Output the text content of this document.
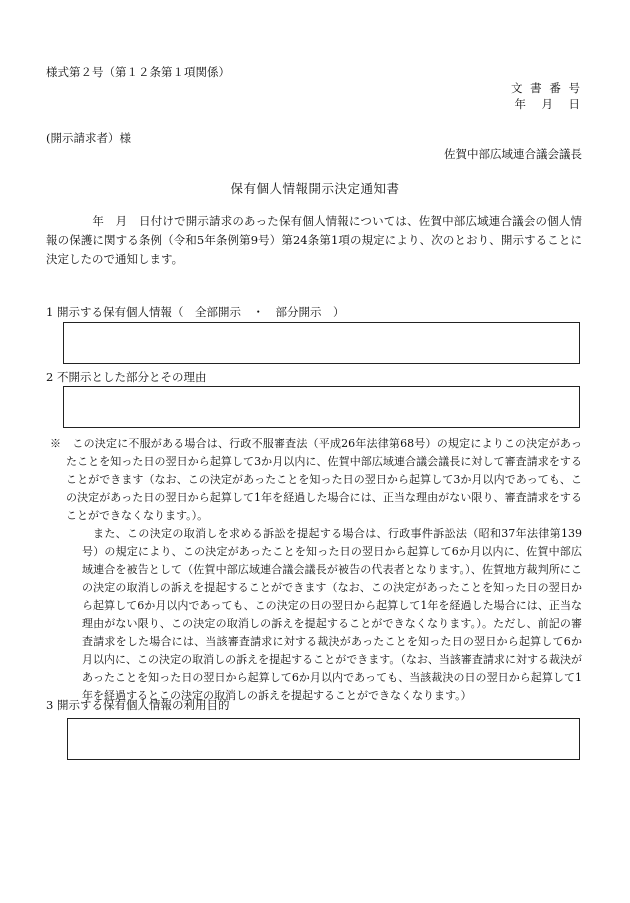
様式第２号（第１２条第１項関係）
文 書 番 号
年　月　日
(開示請求者）様
佐賀中部広域連合議会議長
保有個人情報開示決定通知書
　　年　月　日付けで開示請求のあった保有個人情報については、佐賀中部広域連合議会の個人情報の保護に関する条例（令和5年条例第9号）第24条第1項の規定により、次のとおり、開示することに決定したので通知します。
1 開示する保有個人情報（　全部開示　・　部分開示　）
2 不開示とした部分とその理由

※　この決定に不服がある場合は、行政不服審査法（平成26年法律第68号）の規定によりこの決定があったことを知った日の翌日から起算して3か月以内に、佐賀中部広域連合議会議長に対して審査請求をすることができます（なお、この決定があったことを知った日の翌日から起算して3か月以内であっても、この決定があった日の翌日から起算して1年を経過した場合には、正当な理由がない限り、審査請求をすることができなくなります。）。

また、この決定の取消しを求める訴訟を提起する場合は、行政事件訴訟法（昭和37年法律第139号）の規定により、この決定があったことを知った日の翌日から起算して6か月以内に、佐賀中部広域連合を被告として（佐賀中部広域連合議会議長が被告の代表者となります。）、佐賀地方裁判所にこの決定の取消しの訴えを提起することができます（なお、この決定があったことを知った日の翌日から起算して6か月以内であっても、この決定の日の翌日から起算して1年を経過した場合には、正当な理由がない限り、この決定の取消しの訴えを提起することができなくなります。）。ただし、前記の審査請求をした場合には、当該審査請求に対する裁決があったことを知った日の翌日から起算して6か月以内に、この決定の取消しの訴えを提起することができます。（なお、当該審査請求に対する裁決があったことを知った日の翌日から起算して6か月以内であっても、当該裁決の日の翌日から起算して1年を経過するとこの決定の取消しの訴えを提起することができなくなります。）

3 開示する保有個人情報の利用目的
